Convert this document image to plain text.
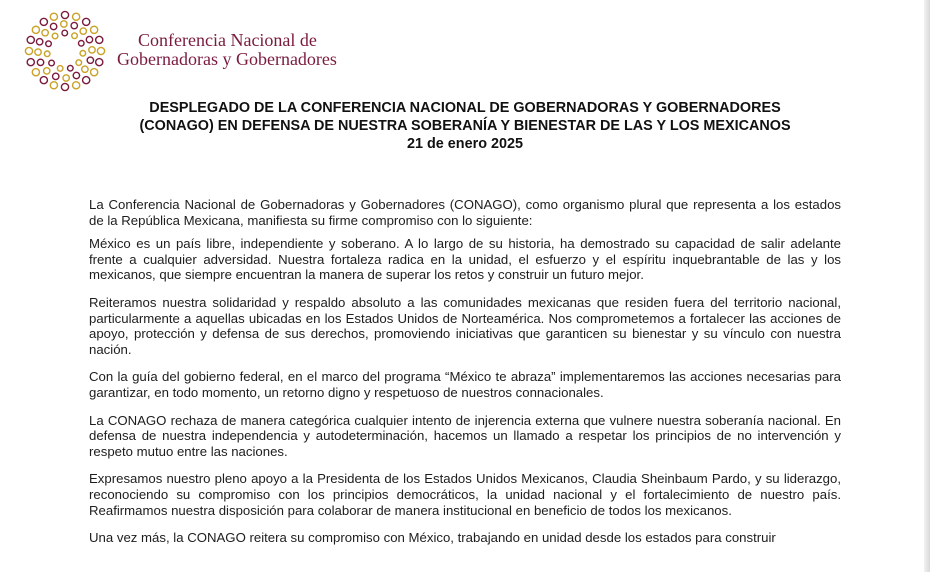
Conferencia Nacional de
Gobernadoras y Gobernadores
DESPLEGADO DE LA CONFERENCIA NACIONAL DE GOBERNADORAS Y GOBERNADORES
(CONAGO) EN DEFENSA DE NUESTRA SOBERANÍA Y BIENESTAR DE LAS Y LOS MEXICANOS
21 de enero 2025

La Conferencia Nacional de Gobernadoras y Gobernadores (CONAGO), como organismo plural que representa a los estados de la República Mexicana, manifiesta su firme compromiso con lo siguiente:

México es un país libre, independiente y soberano. A lo largo de su historia, ha demostrado su capacidad de salir adelante frente a cualquier adversidad. Nuestra fortaleza radica en la unidad, el esfuerzo y el espíritu inquebrantable de las y los mexicanos, que siempre encuentran la manera de superar los retos y construir un futuro mejor.

Reiteramos nuestra solidaridad y respaldo absoluto a las comunidades mexicanas que residen fuera del territorio nacional, particularmente a aquellas ubicadas en los Estados Unidos de Norteamérica. Nos comprometemos a fortalecer las acciones de apoyo, protección y defensa de sus derechos, promoviendo iniciativas que garanticen su bienestar y su vínculo con nuestra nación.

Con la guía del gobierno federal, en el marco del programa “México te abraza” implementaremos las acciones necesarias para garantizar, en todo momento, un retorno digno y respetuoso de nuestros connacionales.

La CONAGO rechaza de manera categórica cualquier intento de injerencia externa que vulnere nuestra soberanía nacional. En defensa de nuestra independencia y autodeterminación, hacemos un llamado a respetar los principios de no intervención y respeto mutuo entre las naciones.

Expresamos nuestro pleno apoyo a la Presidenta de los Estados Unidos Mexicanos, Claudia Sheinbaum Pardo, y su liderazgo, reconociendo su compromiso con los principios democráticos, la unidad nacional y el fortalecimiento de nuestro país. Reafirmamos nuestra disposición para colaborar de manera institucional en beneficio de todos los mexicanos.

Una vez más, la CONAGO reitera su compromiso con México, trabajando en unidad desde los estados para construir
